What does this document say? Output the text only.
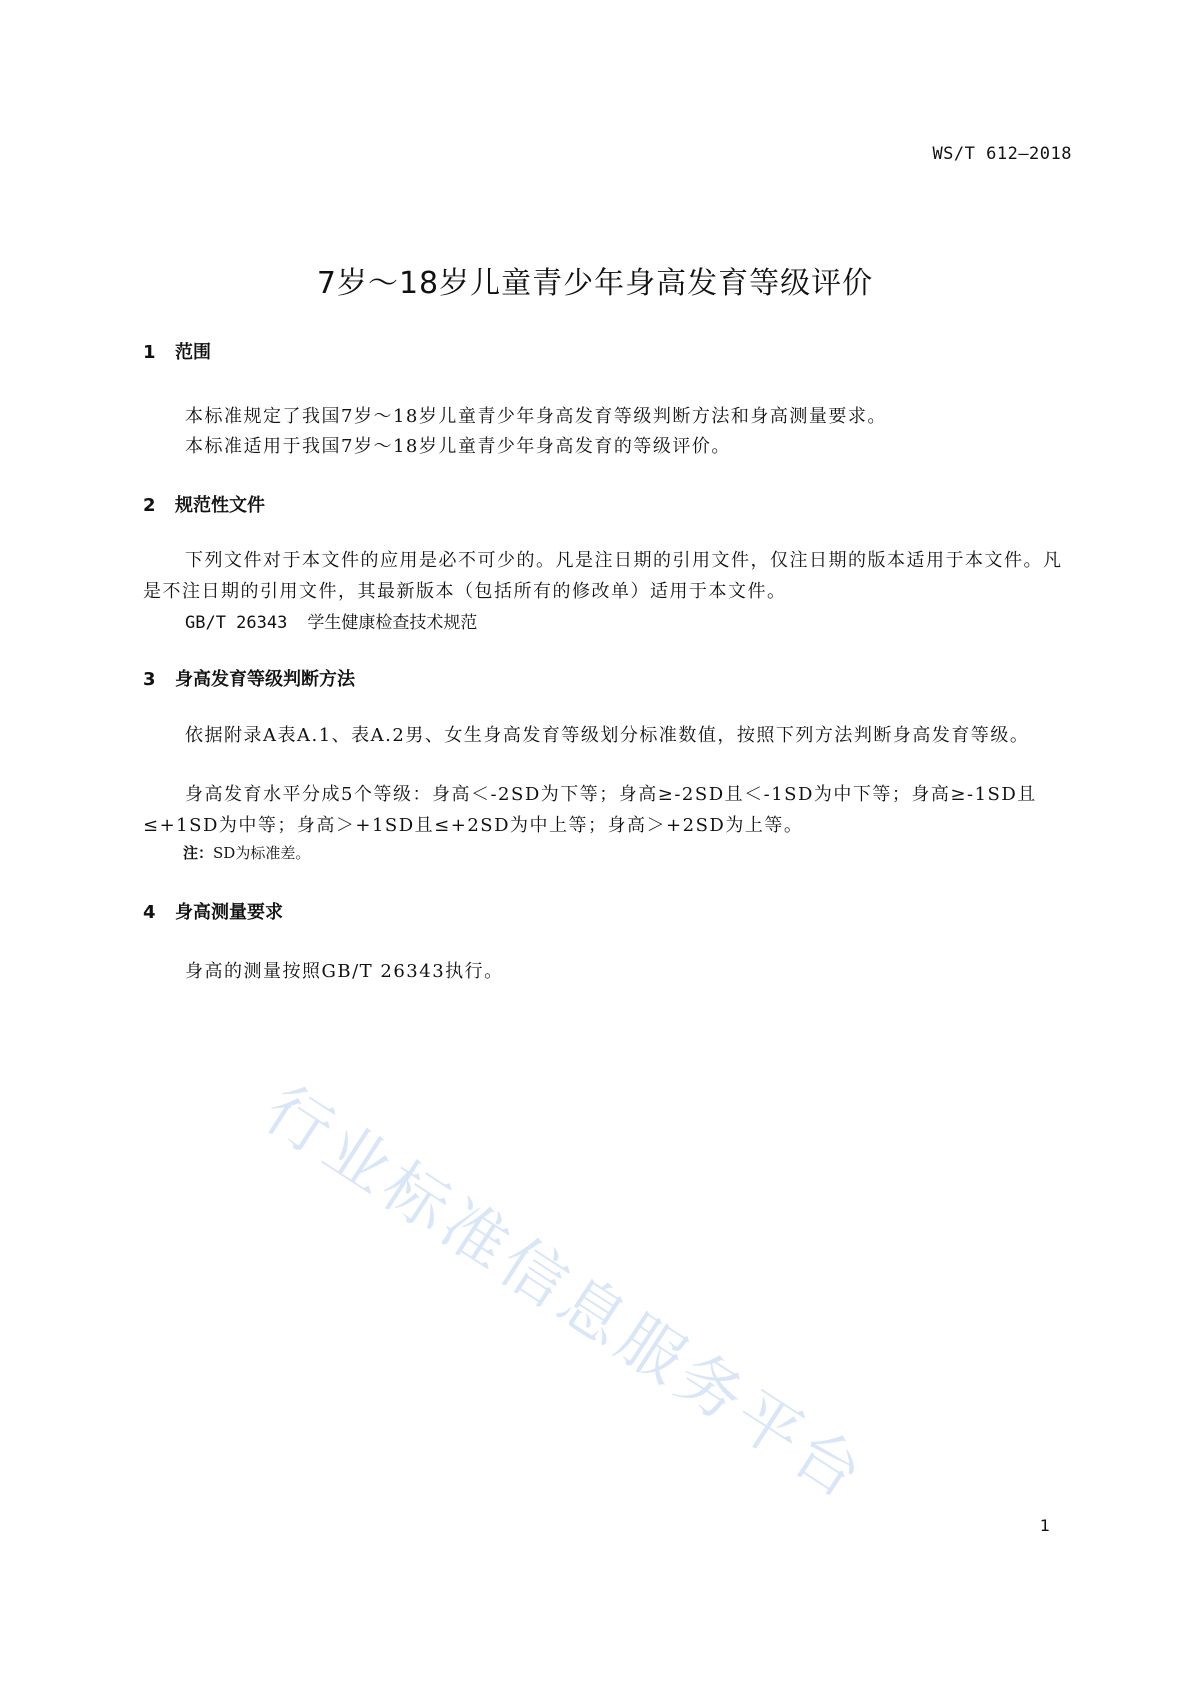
WS/T 612—2018
7岁～18岁儿童青少年身高发育等级评价
1 范围
本标准规定了我国7岁～18岁儿童青少年身高发育等级判断方法和身高测量要求。
本标准适用于我国7岁～18岁儿童青少年身高发育的等级评价。
2 规范性文件

下列文件对于本文件的应用是必不可少的。凡是注日期的引用文件，仅注日期的版本适用于本文件。凡是不注日期的引用文件，其最新版本（包括所有的修改单）适用于本文件。

GB/T 26343 学生健康检查技术规范
3 身高发育等级判断方法

依据附录A表A.1、表A.2男、女生身高发育等级划分标准数值，按照下列方法判断身高发育等级。

身高发育水平分成5个等级：身高＜-2SD为下等；身高≥-2SD且＜-1SD为中下等；身高≥-1SD且≤+1SD为中等；身高＞+1SD且≤+2SD为中上等；身高＞+2SD为上等。

注：SD为标准差。
4 身高测量要求
身高的测量按照GB/T 26343执行。
行业标准信息服务平台
1
